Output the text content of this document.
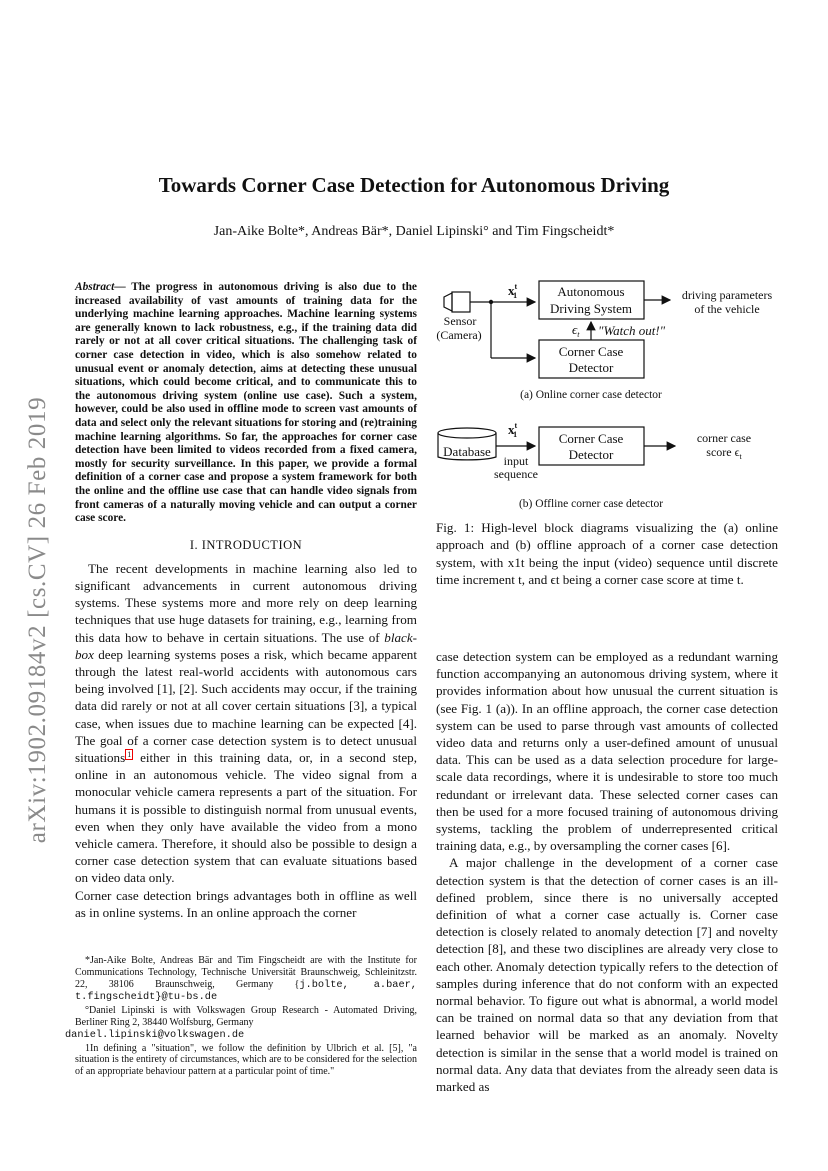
arXiv:1902.09184v2 [cs.CV] 26 Feb 2019
Towards Corner Case Detection for Autonomous Driving
Jan-Aike Bolte*, Andreas Bär*, Daniel Lipinski° and Tim Fingscheidt*

Abstract— The progress in autonomous driving is also due to the increased availability of vast amounts of training data for the underlying machine learning approaches. Machine learning systems are generally known to lack robustness, e.g., if the training data did rarely or not at all cover critical situations. The challenging task of corner case detection in video, which is also somehow related to unusual event or anomaly detection, aims at detecting these unusual situations, which could become critical, and to communicate this to the autonomous driving system (online use case). Such a system, however, could be also used in offline mode to screen vast amounts of data and select only the relevant situations for storing and (re)training machine learning algorithms. So far, the approaches for corner case detection have been limited to videos recorded from a fixed camera, mostly for security surveillance. In this paper, we provide a formal definition of a corner case and propose a system framework for both the online and the offline use case that can handle video signals from front cameras of a naturally moving vehicle and can output a corner case score.

I. INTRODUCTION

The recent developments in machine learning also led to significant advancements in current autonomous driving systems. These systems more and more rely on deep learning techniques that use huge datasets for training, e.g., learning from this data how to behave in certain situations. The use of black-box deep learning systems poses a risk, which became apparent through the latest real-world accidents with autonomous cars being involved [1], [2]. Such accidents may occur, if the training data did rarely or not at all cover certain situations [3], a typical case, when issues due to machine learning can be expected [4]. The goal of a corner case detection system is to detect unusual situations $^1$ either in this training data, or, in a second step, online in an autonomous vehicle. The video signal from a monocular vehicle camera represents a part of the situation. For humans it is possible to distinguish normal from unusual events, even when they only have available the video from a mono vehicle camera. Therefore, it should also be possible to design a corner case detection system that can evaluate situations based on video data only.

Corner case detection brings advantages both in offline as well as in online systems. In an online approach the corner

*Jan-Aike Bolte, Andreas Bär and Tim Fingscheidt are with the Institute for Communications Technology, Technische Universität Braunschweig, Schleinitzstr. 22, 38106 Braunschweig, Germany {j.bolte, a.baer, t.fingscheidt}@tu-bs.de

°Daniel Lipinski is with Volkswagen Group Research - Automated Driving, Berliner Ring 2, 38440 Wolfsburg, Germany
daniel.lipinski@volkswagen.de

1In defining a "situation", we follow the definition by Ulbrich et al. [5], "a situation is the entirety of circumstances, which are to be considered for the selection of an appropriate behaviour pattern at a particular point of time."

Sensor
(Camera)
$x^t$ 1	Autonomous
Driving System
driving parameters
of the vehicle
$\epsilon_t$ "Watch out!"
Corner Case
Detector
(a) Online corner case detector
Database
$x^t$ 1
input
sequence
Corner Case
Detector
corner case
score $\epsilon_t$
(b) Offline corner case detector
Fig. 1: High-level block diagrams visualizing the (a) online approach and (b) offline approach of a corner case detection system, with x1t being the input (video) sequence until discrete time increment t, and ϵt being a corner case score at time t.

case detection system can be employed as a redundant warning function accompanying an autonomous driving system, where it provides information about how unusual the current situation is (see Fig. 1 (a)). In an offline approach, the corner case detection system can be used to parse through vast amounts of collected video data and returns only a user-defined amount of unusual data. This can be used as a data selection procedure for large-scale data recordings, where it is undesirable to store too much redundant or irrelevant data. These selected corner cases can then be used for a more focused training of autonomous driving systems, tackling the problem of underrepresented critical training data, e.g., by oversampling the corner cases [6].

A major challenge in the development of a corner case detection system is that the detection of corner cases is an ill-defined problem, since there is no universally accepted definition of what a corner case actually is. Corner case detection is closely related to anomaly detection [7] and novelty detection [8], and these two disciplines are already very close to each other. Anomaly detection typically refers to the detection of samples during inference that do not conform with an expected normal behavior. To figure out what is abnormal, a world model can be trained on normal data so that any deviation from that learned behavior will be marked as an anomaly. Novelty detection is similar in the sense that a world model is trained on normal data. Any data that deviates from the already seen data is marked as
